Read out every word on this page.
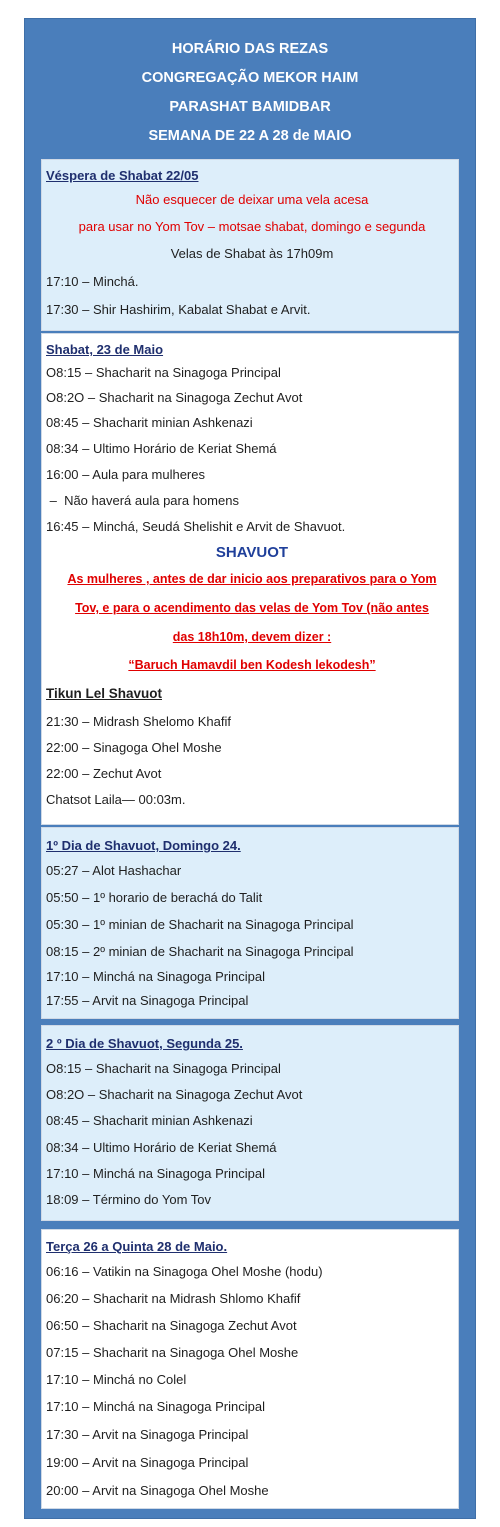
HORÁRIO DAS REZAS
CONGREGAÇÃO MEKOR HAIM
PARASHAT BAMIDBAR
SEMANA DE 22 A 28 de MAIO
Véspera de Shabat 22/05
Não esquecer de deixar uma vela acesa
para usar no Yom Tov – motsae shabat, domingo e segunda
Velas de Shabat às 17h09m
17:10 – Minchá.
17:30 – Shir Hashirim, Kabalat Shabat e Arvit.
Shabat, 23 de Maio
O8:15 – Shacharit na Sinagoga Principal
O8:2O – Shacharit na Sinagoga Zechut Avot
08:45 – Shacharit minian Ashkenazi
08:34 – Ultimo Horário de Keriat Shemá
16:00 – Aula para mulheres
–  Não haverá aula para homens
16:45 – Minchá, Seudá Shelishit e Arvit de Shavuot.
SHAVUOT
As mulheres , antes de dar inicio aos preparativos para o Yom
Tov, e para o acendimento das velas de Yom Tov (não antes
das 18h10m, devem dizer :
“Baruch Hamavdil ben Kodesh lekodesh”
Tikun Lel Shavuot
21:30 – Midrash Shelomo Khafif
22:00 – Sinagoga Ohel Moshe
22:00 – Zechut Avot
Chatsot Laila— 00:03m.
1º Dia de Shavuot, Domingo 24.
05:27 – Alot Hashachar
05:50 – 1º horario de berachá do Talit
05:30 – 1º minian de Shacharit na Sinagoga Principal
08:15 – 2º minian de Shacharit na Sinagoga Principal
17:10 – Minchá na Sinagoga Principal
17:55 – Arvit na Sinagoga Principal
2 º Dia de Shavuot, Segunda 25.
O8:15 – Shacharit na Sinagoga Principal
O8:2O – Shacharit na Sinagoga Zechut Avot
08:45 – Shacharit minian Ashkenazi
08:34 – Ultimo Horário de Keriat Shemá
17:10 – Minchá na Sinagoga Principal
18:09 – Término do Yom Tov
Terça 26 a Quinta 28 de Maio.
06:16 – Vatikin na Sinagoga Ohel Moshe (hodu)
06:20 – Shacharit na Midrash Shlomo Khafif
06:50 – Shacharit na Sinagoga Zechut Avot
07:15 – Shacharit na Sinagoga Ohel Moshe
17:10 – Minchá no Colel
17:10 – Minchá na Sinagoga Principal
17:30 – Arvit na Sinagoga Principal
19:00 – Arvit na Sinagoga Principal
20:00 – Arvit na Sinagoga Ohel Moshe
